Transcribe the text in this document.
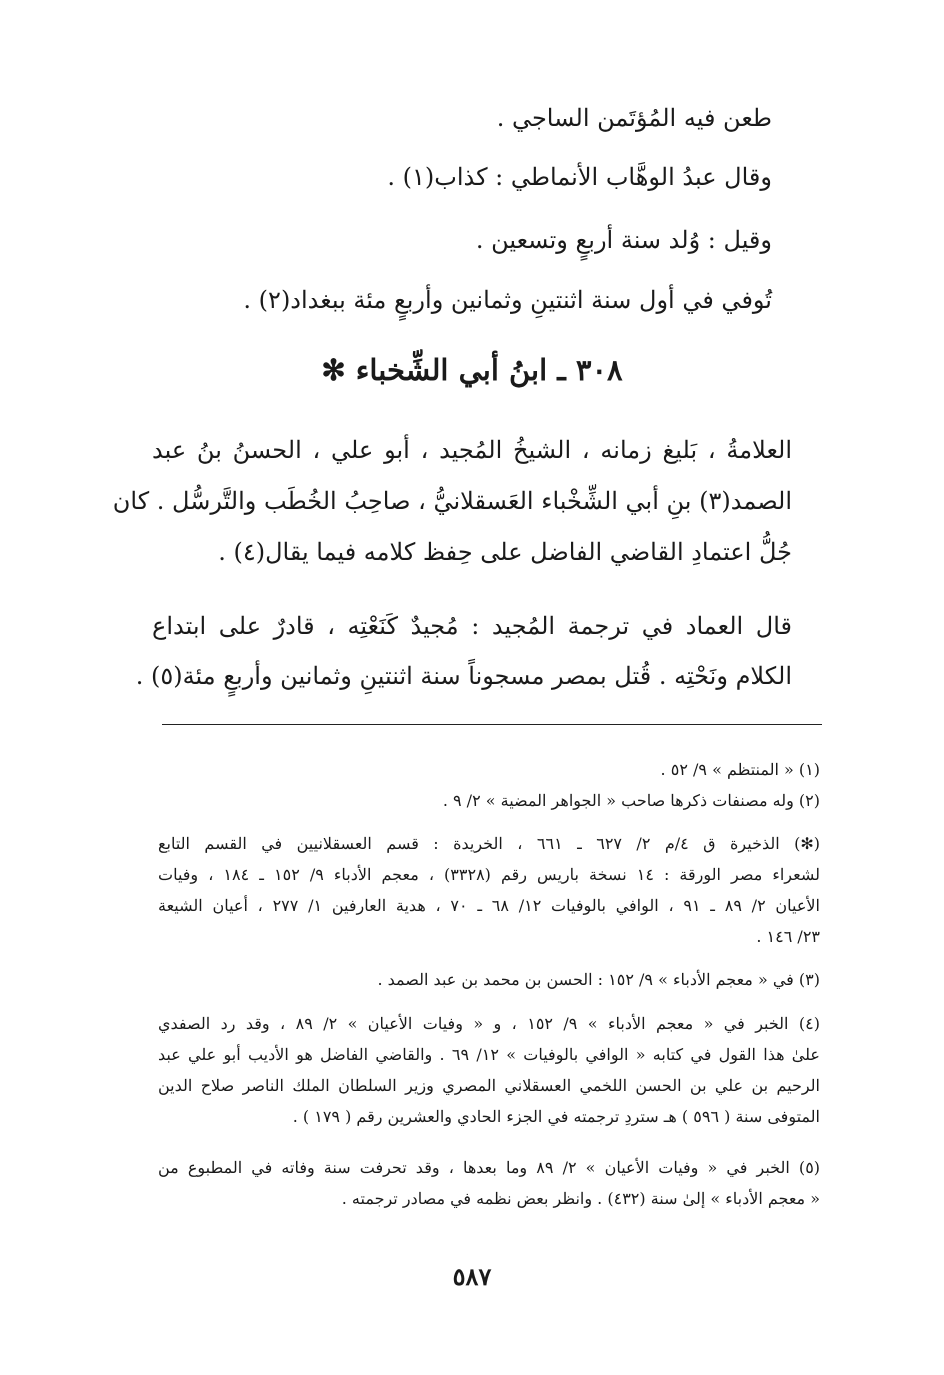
طعن فيه المُؤتَمن الساجي .
وقال عبدُ الوهَّاب الأنماطي : كذاب(١) .
وقيل : وُلد سنة أربعٍ وتسعين .
تُوفي في أول سنة اثنتينِ وثمانين وأربعٍ مئة ببغداد(٢) .
٣٠٨ ـ ابنُ أبي الشِّخباء ✻
العلامةُ ، بَليغ زمانه ، الشيخُ المُجيد ، أبو علي ، الحسنُ بنُ عبد
الصمد(٣) بنِ أبي الشِّخْباء العَسقلانيُّ ، صاحِبُ الخُطَب والتَّرسُّل . كان
جُلُّ اعتمادِ القاضي الفاضل على حِفظ كلامه فيما يقال(٤) .
قال العماد في ترجمة المُجيد : مُجيدٌ كَنَعْتِه ، قادرٌ على ابتداع
الكلام ونَحْتِه . قُتل بمصر مسجوناً سنة اثنتينِ وثمانين وأربعٍ مئة(٥) .
(١) « المنتظم » ٩/ ٥٢ .
(٢) وله مصنفات ذكرها صاحب « الجواهر المضية » ٢/ ٩ .
(✻) الذخيرة ق ٤/م ٢/ ٦٢٧ ـ ٦٦١ ، الخريدة : قسم العسقلانيين في القسم التابع
لشعراء مصر الورقة : ١٤ نسخة باريس رقم (٣٣٢٨) ، معجم الأدباء ٩/ ١٥٢ ـ ١٨٤ ، وفيات
الأعيان ٢/ ٨٩ ـ ٩١ ، الوافي بالوفيات ١٢/ ٦٨ ـ ٧٠ ، هدية العارفين ١/ ٢٧٧ ، أعيان الشيعة
٢٣/ ١٤٦ .
(٣) في « معجم الأدباء » ٩/ ١٥٢ : الحسن بن محمد بن عبد الصمد .
(٤) الخبر في « معجم الأدباء » ٩/ ١٥٢ ، و « وفيات الأعيان » ٢/ ٨٩ ، وقد رد الصفدي
علىٰ هذا القول في كتابه « الوافي بالوفيات » ١٢/ ٦٩ . والقاضي الفاضل هو الأديب أبو علي عبد
الرحيم بن علي بن الحسن اللخمي العسقلاني المصري وزير السلطان الملك الناصر صلاح الدين
المتوفى سنة ( ٥٩٦ ) هـ ستردِ ترجمته في الجزء الحادي والعشرين رقم ( ١٧٩ ) .
(٥) الخبر في « وفيات الأعيان » ٢/ ٨٩ وما بعدها ، وقد تحرفت سنة وفاته في المطبوع من
« معجم الأدباء » إلىٰ سنة (٤٣٢) . وانظر بعض نظمه في مصادر ترجمته .
٥٨٧
